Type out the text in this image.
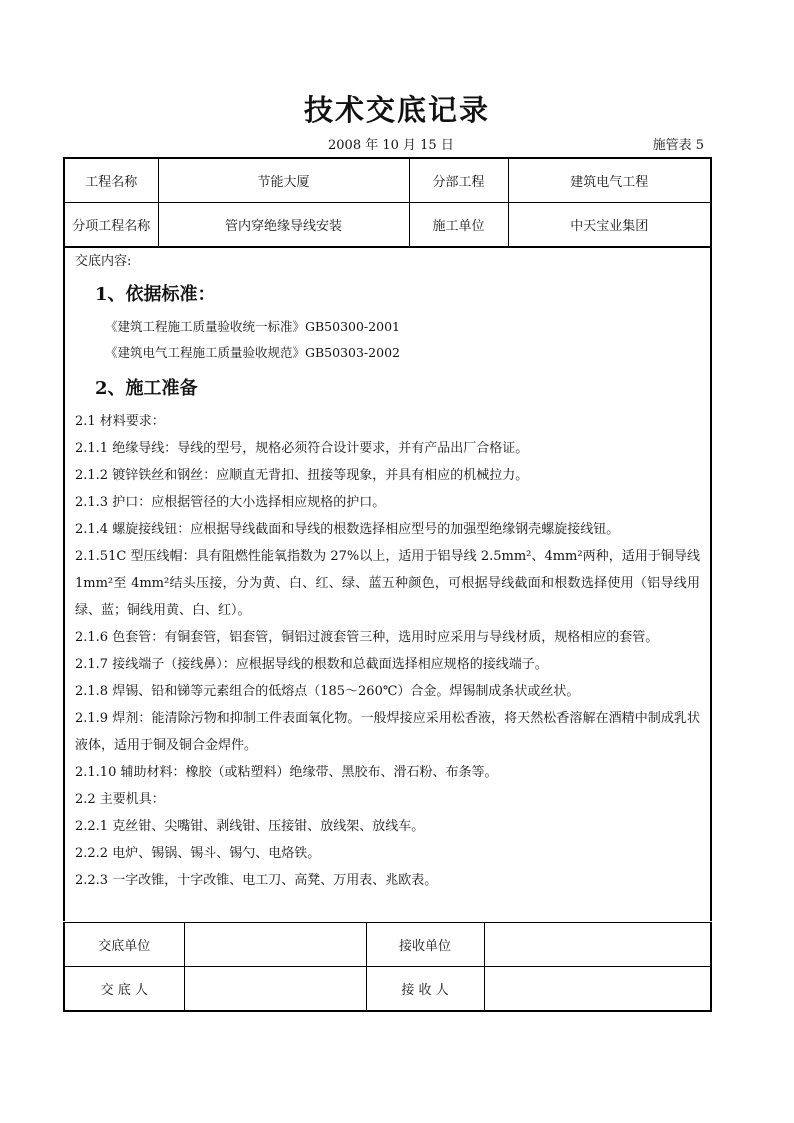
技术交底记录
2008 年 10 月 15 日	施管表 5
工程名称	节能大厦	分部工程	建筑电气工程
分项工程名称	管内穿绝缘导线安装	施工单位	中天宝业集团
交底内容:
1、依据标准：
《建筑工程施工质量验收统一标准》GB50300-2001
《建筑电气工程施工质量验收规范》GB50303-2002
2、施工准备

2.1 材料要求：

2.1.1 绝缘导线：导线的型号，规格必须符合设计要求，并有产品出厂合格证。

2.1.2 镀锌铁丝和钢丝：应顺直无背扣、扭接等现象，并具有相应的机械拉力。

2.1.3 护口：应根据管径的大小选择相应规格的护口。

2.1.4 螺旋接线钮：应根据导线截面和导线的根数选择相应型号的加强型绝缘钢壳螺旋接线钮。

2.1.51C 型压线帽：具有阻燃性能氧指数为 27%以上，适用于铝导线 2.5mm²、4mm²两种，适用于铜导线 1mm²至 4mm²结头压接，分为黄、白、红、绿、蓝五种颜色，可根据导线截面和根数选择使用（铝导线用绿、蓝；铜线用黄、白、红）。

2.1.6 色套管：有铜套管，铝套管，铜铝过渡套管三种，选用时应采用与导线材质，规格相应的套管。

2.1.7 接线端子（接线鼻）：应根据导线的根数和总截面选择相应规格的接线端子。

2.1.8 焊锡、铅和锑等元素组合的低熔点（185～260℃）合金。焊锡制成条状或丝状。

2.1.9 焊剂：能清除污物和抑制工件表面氧化物。一般焊接应采用松香液，将天然松香溶解在酒精中制成乳状液体，适用于铜及铜合金焊件。

2.1.10 辅助材料：橡胶（或粘塑料）绝缘带、黑胶布、滑石粉、布条等。

2.2 主要机具：

2.2.1 克丝钳、尖嘴钳、剥线钳、压接钳、放线架、放线车。

2.2.2 电炉、锡锅、锡斗、锡勺、电烙铁。

2.2.3 一字改锥，十字改锥、电工刀、高凳、万用表、兆欧表。

交底单位		接收单位	
交 底 人		接 收 人	
